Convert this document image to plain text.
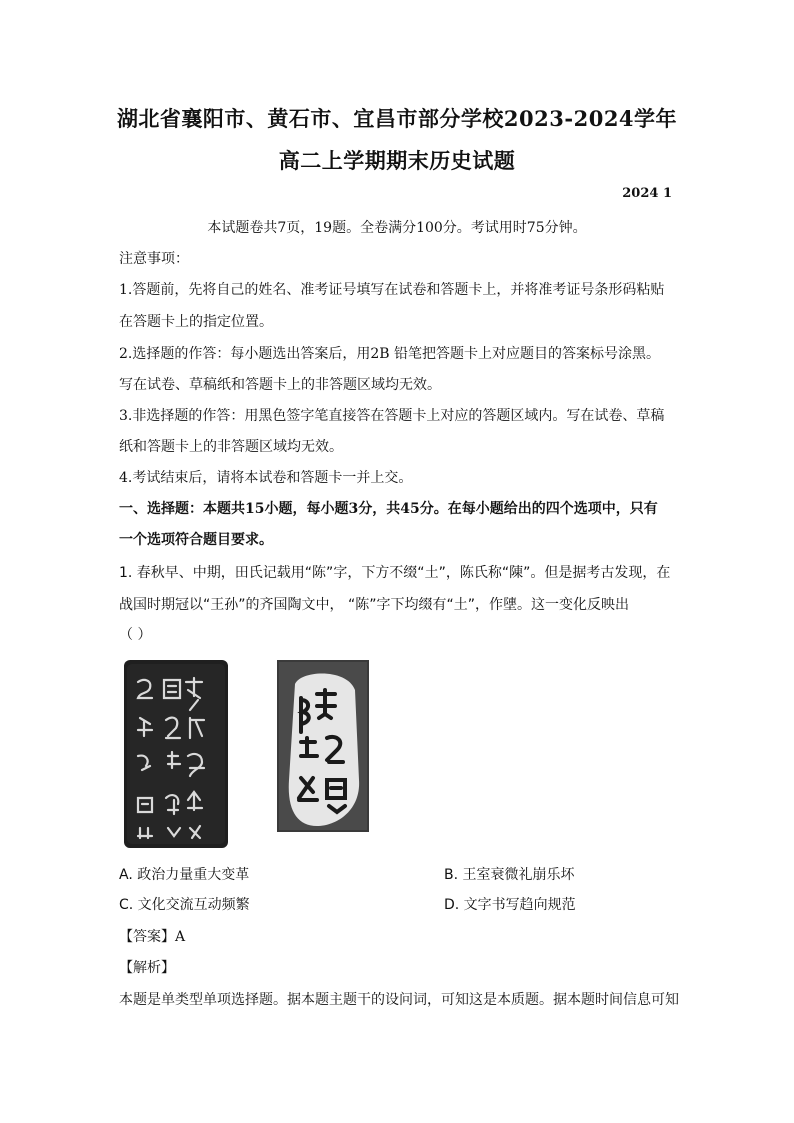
湖北省襄阳市、黄石市、宜昌市部分学校2023-2024学年
高二上学期期末历史试题
2024 1
本试题卷共7页，19题。全卷满分100分。考试用时75分钟。
注意事项：
1.答题前，先将自己的姓名、准考证号填写在试卷和答题卡上，并将准考证号条形码粘贴
在答题卡上的指定位置。
2.选择题的作答：每小题选出答案后，用2B 铅笔把答题卡上对应题目的答案标号涂黑。
写在试卷、草稿纸和答题卡上的非答题区域均无效。
3.非选择题的作答：用黑色签字笔直接答在答题卡上对应的答题区域内。写在试卷、草稿
纸和答题卡上的非答题区域均无效。
4.考试结束后，请将本试卷和答题卡一并上交。
一、选择题：本题共15小题，每小题3分，共45分。在每小题给出的四个选项中，只有
一个选项符合题目要求。
1. 春秋早、中期，田氏记载用“陈”字，下方不缀“土”，陈氏称“陳”。但是据考古发现，在
战国时期冠以“王孙”的齐国陶文中， “陈”字下均缀有“土”，作塦。这一变化反映出
（ ）
A. 政治力量重大变革	B. 王室衰微礼崩乐坏
C. 文化交流互动频繁	D. 文字书写趋向规范
【答案】A
【解析】
本题是单类型单项选择题。据本题主题干的设问词，可知这是本质题。据本题时间信息可知
